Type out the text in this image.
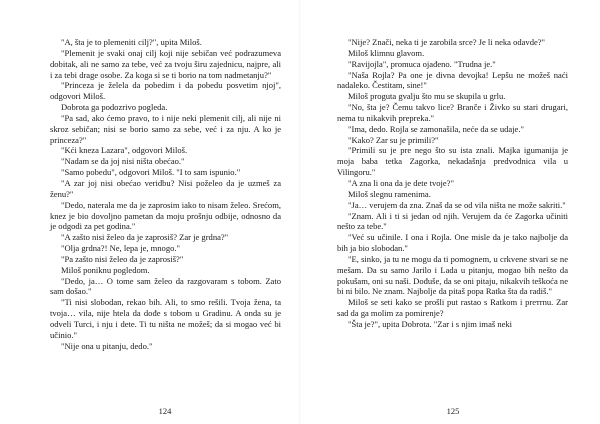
"A, šta je to plemeniti cilj?", upita Miloš.

"Plemenit je svaki onaj cilj koji nije sebičan već podrazumeva dobitak, ali ne samo za tebe, već za tvoju širu zajednicu, najpre, ali i za tebi drage osobe. Za koga si se ti borio na tom nadmetanju?"

"Princeza je želela da pobedim i da pobedu posvetim njoj", odgovori Miloš.

Dobrota ga podozrivo pogleda.

"Pa sad, ako ćemo pravo, to i nije neki plemenit cilj, ali nije ni skroz sebičan; nisi se borio samo za sebe, već i za nju. A ko je princeza?"

"Kći kneza Lazara", odgovori Miloš.

"Nadam se da joj nisi ništa obećao."

"Samo pobedu", odgovori Miloš. "I to sam ispunio."

"A zar joj nisi obećao veridbu? Nisi poželeo da je uzmeš za ženu?"

"Dedo, naterala me da je zaprosim iako to nisam želeo. Srećom, knez je bio dovoljno pametan da moju prošnju odbije, odnosno da je odgodi za pet godina."

"A zašto nisi želeo da je zaprosiš? Zar je grdna?"

"Olja grdna?! Ne, lepa je, mnogo."

"Pa zašto nisi želeo da je zaprosiš?"

Miloš poniknu pogledom.

"Dedo, ja… O tome sam želeo da razgovaram s tobom. Zato sam došao."

"Ti nisi slobodan, rekao bih. Ali, to smo rešili. Tvoja žena, ta tvoja… vila, nije htela da dođe s tobom u Gradinu. A onda su je odveli Turci, i nju i dete. Ti tu ništa ne možeš; da si mogao već bi učinio."

"Nije ona u pitanju, dedo."

124

"Nije? Znači, neka ti je zarobila srce? Je li neka odavde?"

Miloš klimnu glavom.

"Ravijojla", promuca ojađeno. "Trudna je."

"Naša Rojla? Pa one je divna devojka! Lepšu ne možeš naći nadaleko. Čestitam, sine!"

Miloš proguta gvalju što mu se skupila u grlu.

"No, šta je? Čemu takvo lice? Branče i Živko su stari drugari, nema tu nikakvih prepreka."

"Ima, dedo. Rojla se zamonašila, neće da se udaje."

"Kako? Zar su je primili?"

"Primili su je pre nego što su ista znali. Majka igumanija je moja baba tetka Zagorka, nekadašnja predvodnica vila u Vilingoru."

"A zna li ona da je dete tvoje?"

Miloš slegnu ramenima.

"Ja… verujem da zna. Znaš da se od vila ništa ne može sakriti."

"Znam. Ali i ti si jedan od njih. Verujem da će Zagorka učiniti nešto za tebe."

"Već su učinile. I ona i Rojla. One misle da je tako najbolje da bih ja bio slobodan."

"E, sinko, ja tu ne mogu da ti pomognem, u crkvene stvari se ne mešam. Da su samo Jarilo i Lada u pitanju, mogao bih nešto da pokušam, oni su naši. Dođuše, da se oni pitaju, nikakvih teškoća ne bi ni bilo. Ne znam. Najbolje da pitaš popa Ratka šta da radiš."

Miloš se seti kako se prošli put rastao s Ratkom i prетrnu. Zar sad da ga molim za pomirenje?

"Šta je?", upita Dobrota. "Zar i s njim imaš neki

125
